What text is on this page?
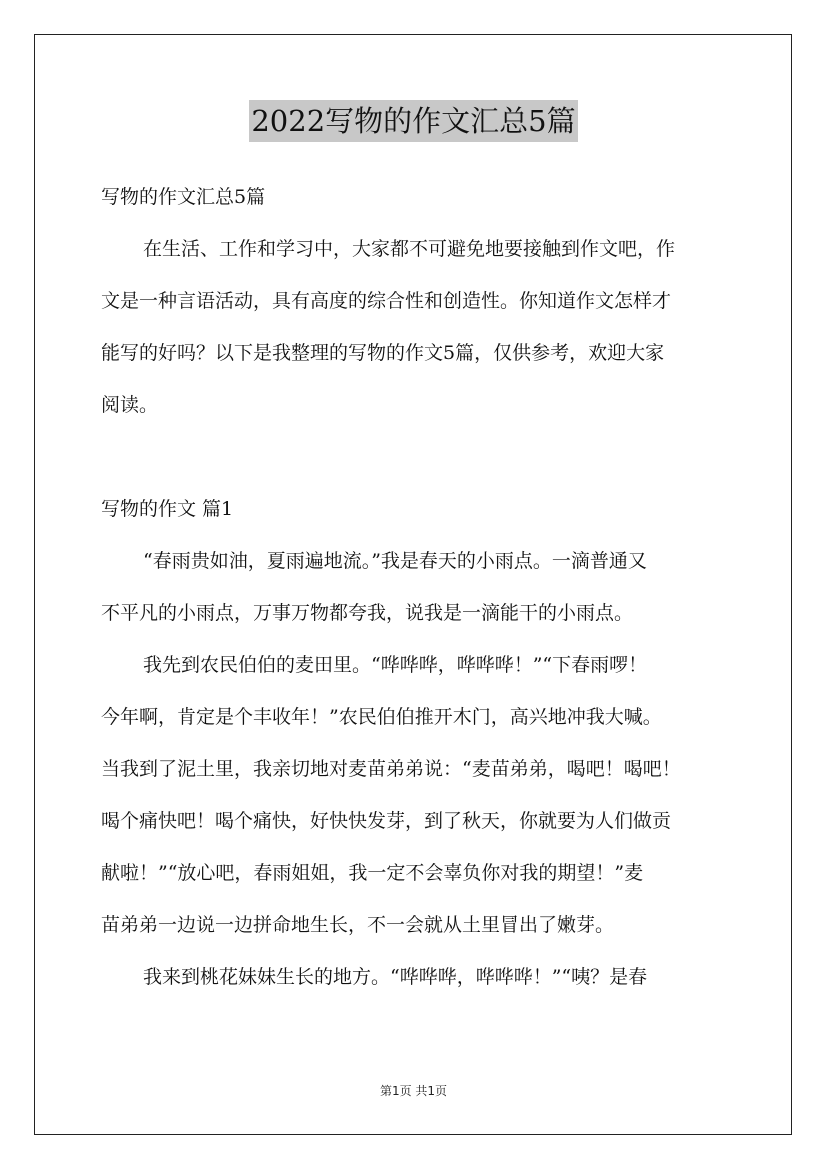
2022写物的作文汇总5篇
写物的作文汇总5篇
在生活、工作和学习中，大家都不可避免地要接触到作文吧，作
文是一种言语活动，具有高度的综合性和创造性。你知道作文怎样才
能写的好吗？以下是我整理的写物的作文5篇，仅供参考，欢迎大家
阅读。
写物的作文 篇1
“春雨贵如油，夏雨遍地流。”我是春天的小雨点。一滴普通又
不平凡的小雨点，万事万物都夸我，说我是一滴能干的小雨点。
我先到农民伯伯的麦田里。“哗哗哗，哗哗哗！”“下春雨啰！
今年啊，肯定是个丰收年！”农民伯伯推开木门，高兴地冲我大喊。
当我到了泥土里，我亲切地对麦苗弟弟说：“麦苗弟弟，喝吧！喝吧！
喝个痛快吧！喝个痛快，好快快发芽，到了秋天，你就要为人们做贡
献啦！”“放心吧，春雨姐姐，我一定不会辜负你对我的期望！”麦
苗弟弟一边说一边拼命地生长，不一会就从土里冒出了嫩芽。
我来到桃花妹妹生长的地方。“哗哗哗，哗哗哗！”“咦？是春
第1页 共1页
